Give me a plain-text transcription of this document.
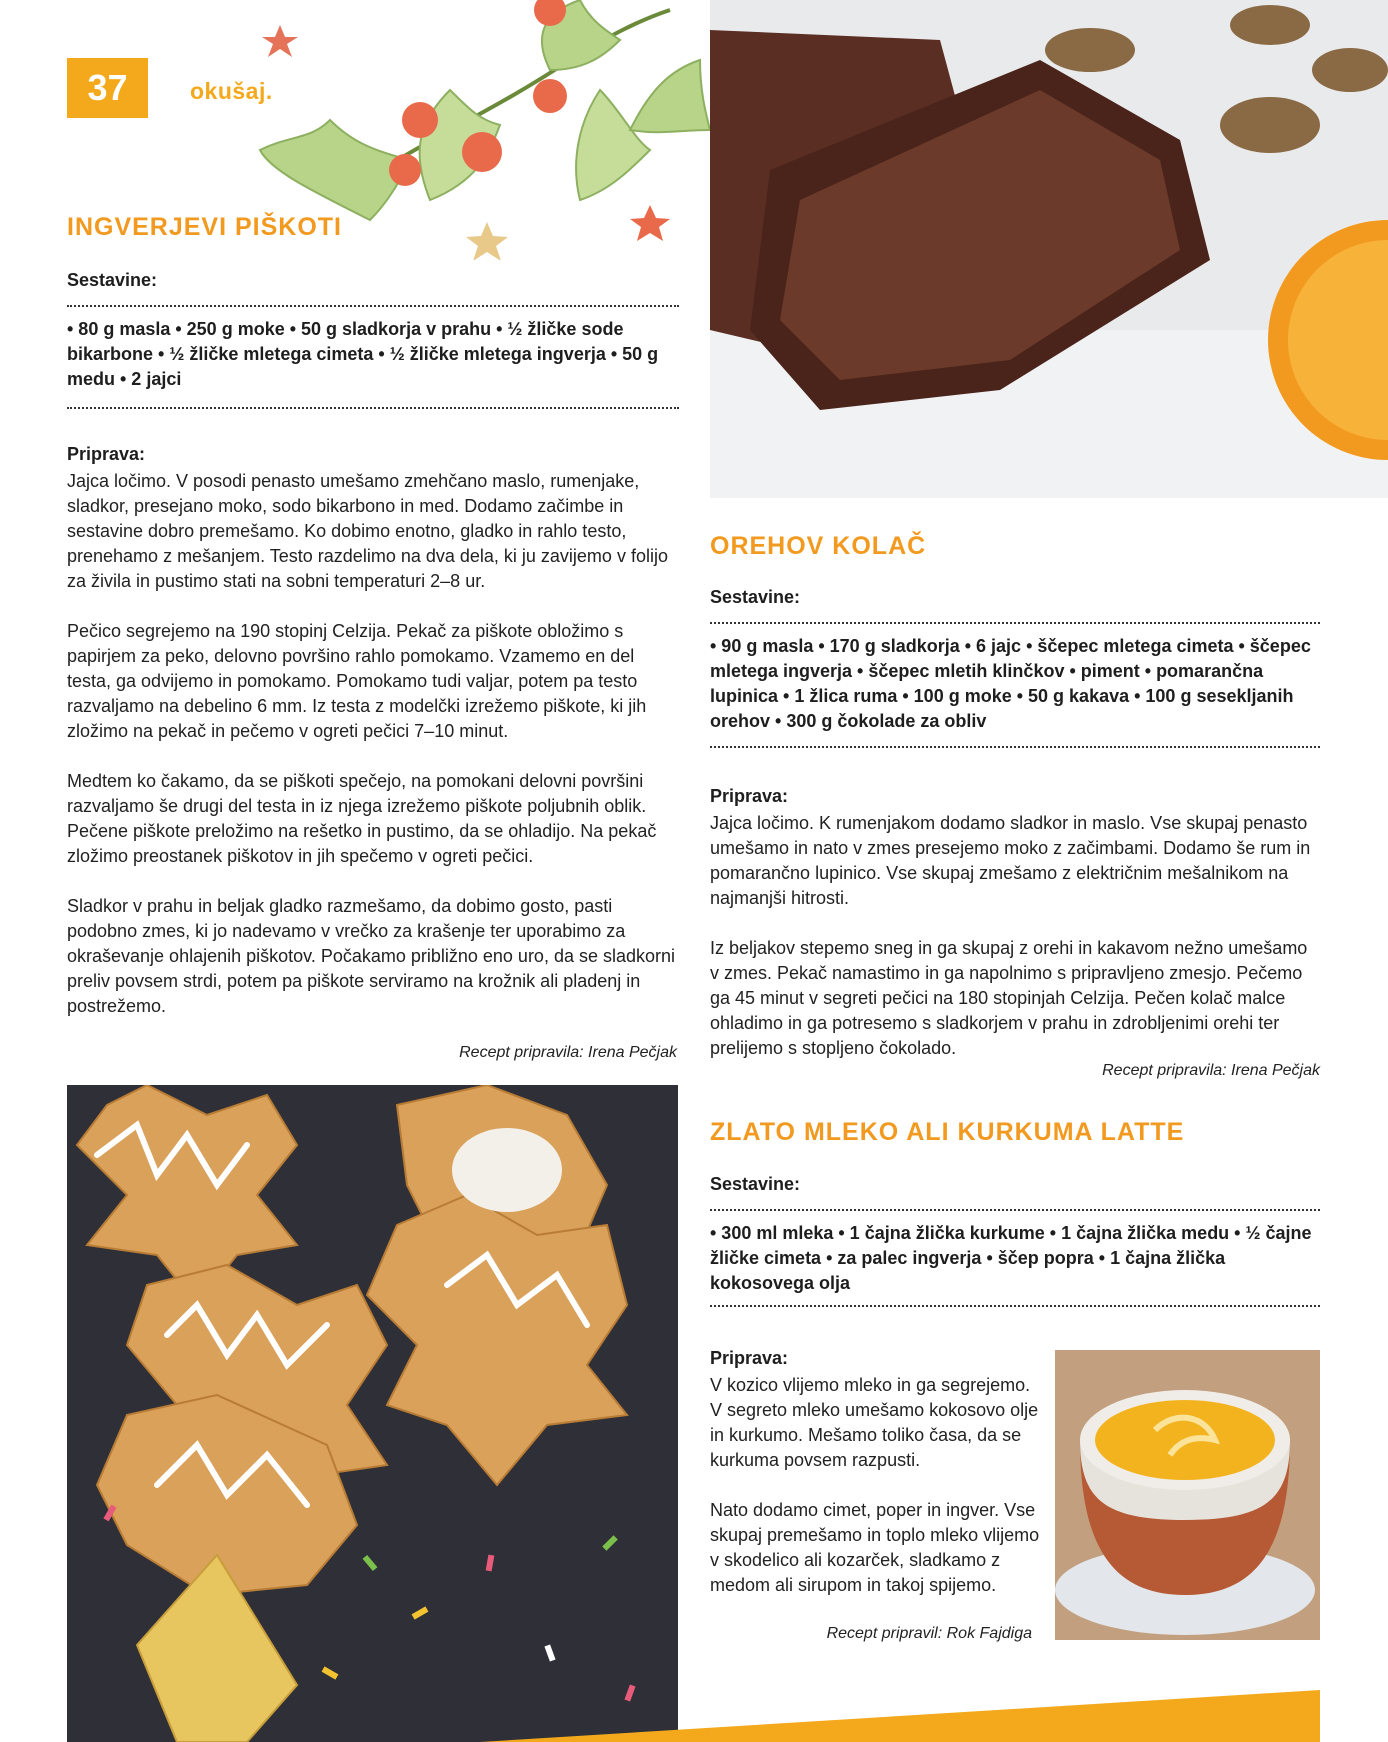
37	okušaj.
INGVERJEVI PIŠKOTI
Sestavine:
• 80 g masla • 250 g moke • 50 g sladkorja v prahu • ½ žličke sode bikarbone • ½ žličke mletega cimeta • ½ žličke mletega ingverja • 50 g medu • 2 jajci
Priprava:

Jajca ločimo. V posodi penasto umešamo zmehčano maslo, rumenjake, sladkor, presejano moko, sodo bikarbono in med. Dodamo začimbe in sestavine dobro premešamo. Ko dobimo enotno, gladko in rahlo testo, prenehamo z mešanjem. Testo razdelimo na dva dela, ki ju zavijemo v folijo za živila in pustimo stati na sobni temperaturi 2–8 ur.

Pečico segrejemo na 190 stopinj Celzija. Pekač za piškote obložimo s papirjem za peko, delovno površino rahlo pomokamo. Vzamemo en del testa, ga odvijemo in pomokamo. Pomokamo tudi valjar, potem pa testo razvaljamo na debelino 6 mm. Iz testa z modelčki izrežemo piškote, ki jih zložimo na pekač in pečemo v ogreti pečici 7–10 minut.

Medtem ko čakamo, da se piškoti spečejo, na pomokani delovni površini razvaljamo še drugi del testa in iz njega izrežemo piškote poljubnih oblik. Pečene piškote preložimo na rešetko in pustimo, da se ohladijo. Na pekač zložimo preostanek piškotov in jih spečemo v ogreti pečici.

Sladkor v prahu in beljak gladko razmešamo, da dobimo gosto, pasti podobno zmes, ki jo nadevamo v vrečko za krašenje ter uporabimo za okraševanje ohlajenih piškotov. Počakamo približno eno uro, da se sladkorni preliv povsem strdi, potem pa piškote serviramo na krožnik ali pladenj in postrežemo.

Recept pripravila: Irena Pečjak
OREHOV KOLAČ
Sestavine:
• 90 g masla • 170 g sladkorja • 6 jajc • ščepec mletega cimeta • ščepec mletega ingverja • ščepec mletih klinčkov • piment • pomarančna lupinica • 1 žlica ruma • 100 g moke • 50 g kakava • 100 g sesekljanih orehov • 300 g čokolade za obliv
Priprava:

Jajca ločimo. K rumenjakom dodamo sladkor in maslo. Vse skupaj penasto umešamo in nato v zmes presejemo moko z začimbami. Dodamo še rum in pomarančno lupinico. Vse skupaj zmešamo z električnim mešalnikom na najmanjši hitrosti.

Iz beljakov stepemo sneg in ga skupaj z orehi in kakavom nežno umešamo v zmes. Pekač namastimo in ga napolnimo s pripravljeno zmesjo. Pečemo ga 45 minut v segreti pečici na 180 stopinjah Celzija. Pečen kolač malce ohladimo in ga potresemo s sladkorjem v prahu in zdrobljenimi orehi ter prelijemo s stopljeno čokolado.

Recept pripravila: Irena Pečjak
ZLATO MLEKO ALI KURKUMA LATTE
Sestavine:
• 300 ml mleka • 1 čajna žlička kurkume • 1 čajna žlička medu • ½ čajne žličke cimeta • za palec ingverja • ščep popra • 1 čajna žlička kokosovega olja
Priprava:

V kozico vlijemo mleko in ga segrejemo. V segreto mleko umešamo kokosovo olje in kurkumo. Mešamo toliko časa, da se kurkuma povsem razpusti.

Nato dodamo cimet, poper in ingver. Vse skupaj premešamo in toplo mleko vlijemo v skodelico ali kozarček, sladkamo z medom ali sirupom in takoj spijemo.

Recept pripravil: Rok Fajdiga
